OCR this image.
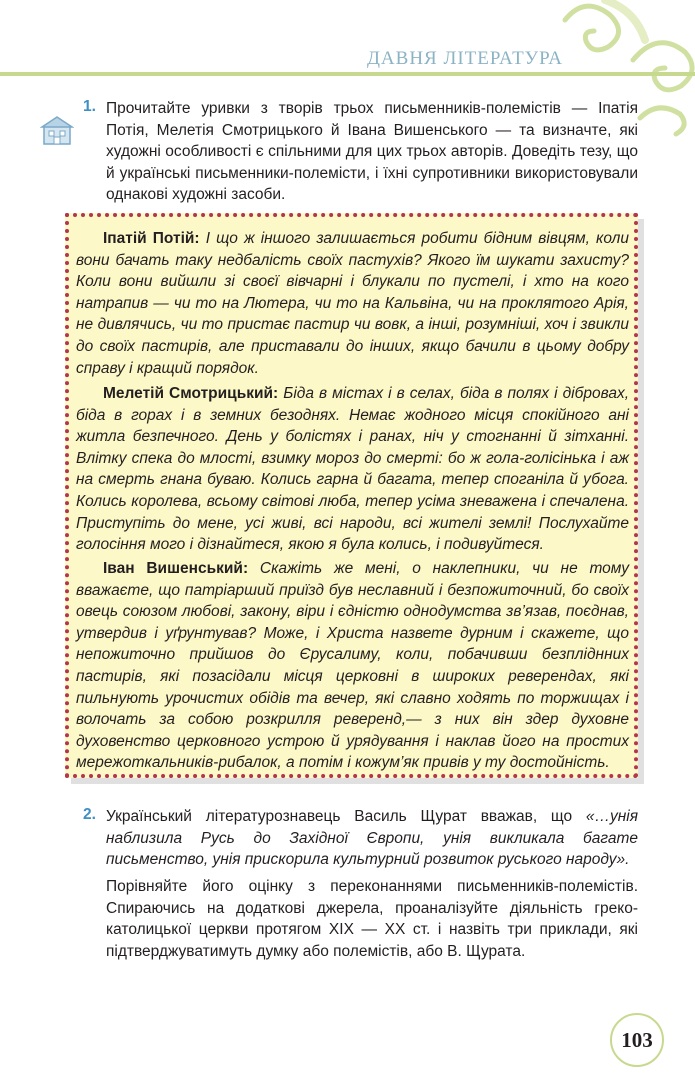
ДАВНЯ ЛІТЕРАТУРА
1. Прочитайте уривки з творів трьох письменників-полемістів — Іпатія Потія, Мелетія Смотрицького й Івана Вишенського — та визначте, які художні особливості є спільними для цих трьох авторів. Доведіть тезу, що й українські письменники-полемісти, і їхні супротивники використовували однакові художні засоби.
Іпатій Потій: І що ж іншого залишається робити бідним вівцям, коли вони бачать таку недбалість своїх пастухів? Якого їм шукати захисту? Коли вони вийшли зі своєї вівчарні і блукали по пустелі, і хто на кого натрапив — чи то на Лютера, чи то на Кальвіна, чи на проклятого Арія, не дивлячись, чи то пристає пастир чи вовк, а інші, розумніші, хоч і звикли до своїх пастирів, але приставали до інших, якщо бачили в цьому добру справу і кращий порядок.
Мелетій Смотрицький: Біда в містах і в селах, біда в полях і дібровах, біда в горах і в земних безоднях. Немає жодного місця спокійного ані житла безпечного. День у болістях і ранах, ніч у стогнанні й зітханні. Влітку спека до млості, взимку мороз до смерті: бо ж гола-голісінька і аж на смерть гнана буваю. Колись гарна й багата, тепер споганіла й убога. Колись королева, всьому світові люба, тепер усіма зневажена і спечалена. Приступіть до мене, усі живі, всі народи, всі жителі землі! Послухайте голосіння мого і дізнайтеся, якою я була колись, і подивуйтеся.
Іван Вишенський: Скажіть же мені, о наклепники, чи не тому вважаєте, що патріарший приїзд був неславний і безпожиточний, бо своїх овець союзом любові, закону, віри і єдністю однодумства зв’язав, поєднав, утвердив і уґрунтував? Може, і Христа назвете дурним і скажете, що непожиточно прийшов до Єрусалиму, коли, побачивши безпліднних пастирів, які позасідали місця церковні в широких реверендах, які пильнують урочистих обідів та вечер, які славно ходять по торжищах і волочать за собою розкрилля реверенд,— з них він здер духовне духовенство церковного устрою й урядування і наклав його на простих мережоткальників-рибалок, а потім і кожум’як привів у ту достойність.
2. Український літературознавець Василь Щурат вважав, що «…унія наблизила Русь до Західної Європи, унія викликала багате письменство, унія прискорила культурний розвиток руського народу».
Порівняйте його оцінку з переконаннями письменників-полемістів. Спираючись на додаткові джерела, проаналізуйте діяльність греко-католицької церкви протягом XIX — XX ст. і назвіть три приклади, які підтверджуватимуть думку або полемістів, або В. Щурата.
103
